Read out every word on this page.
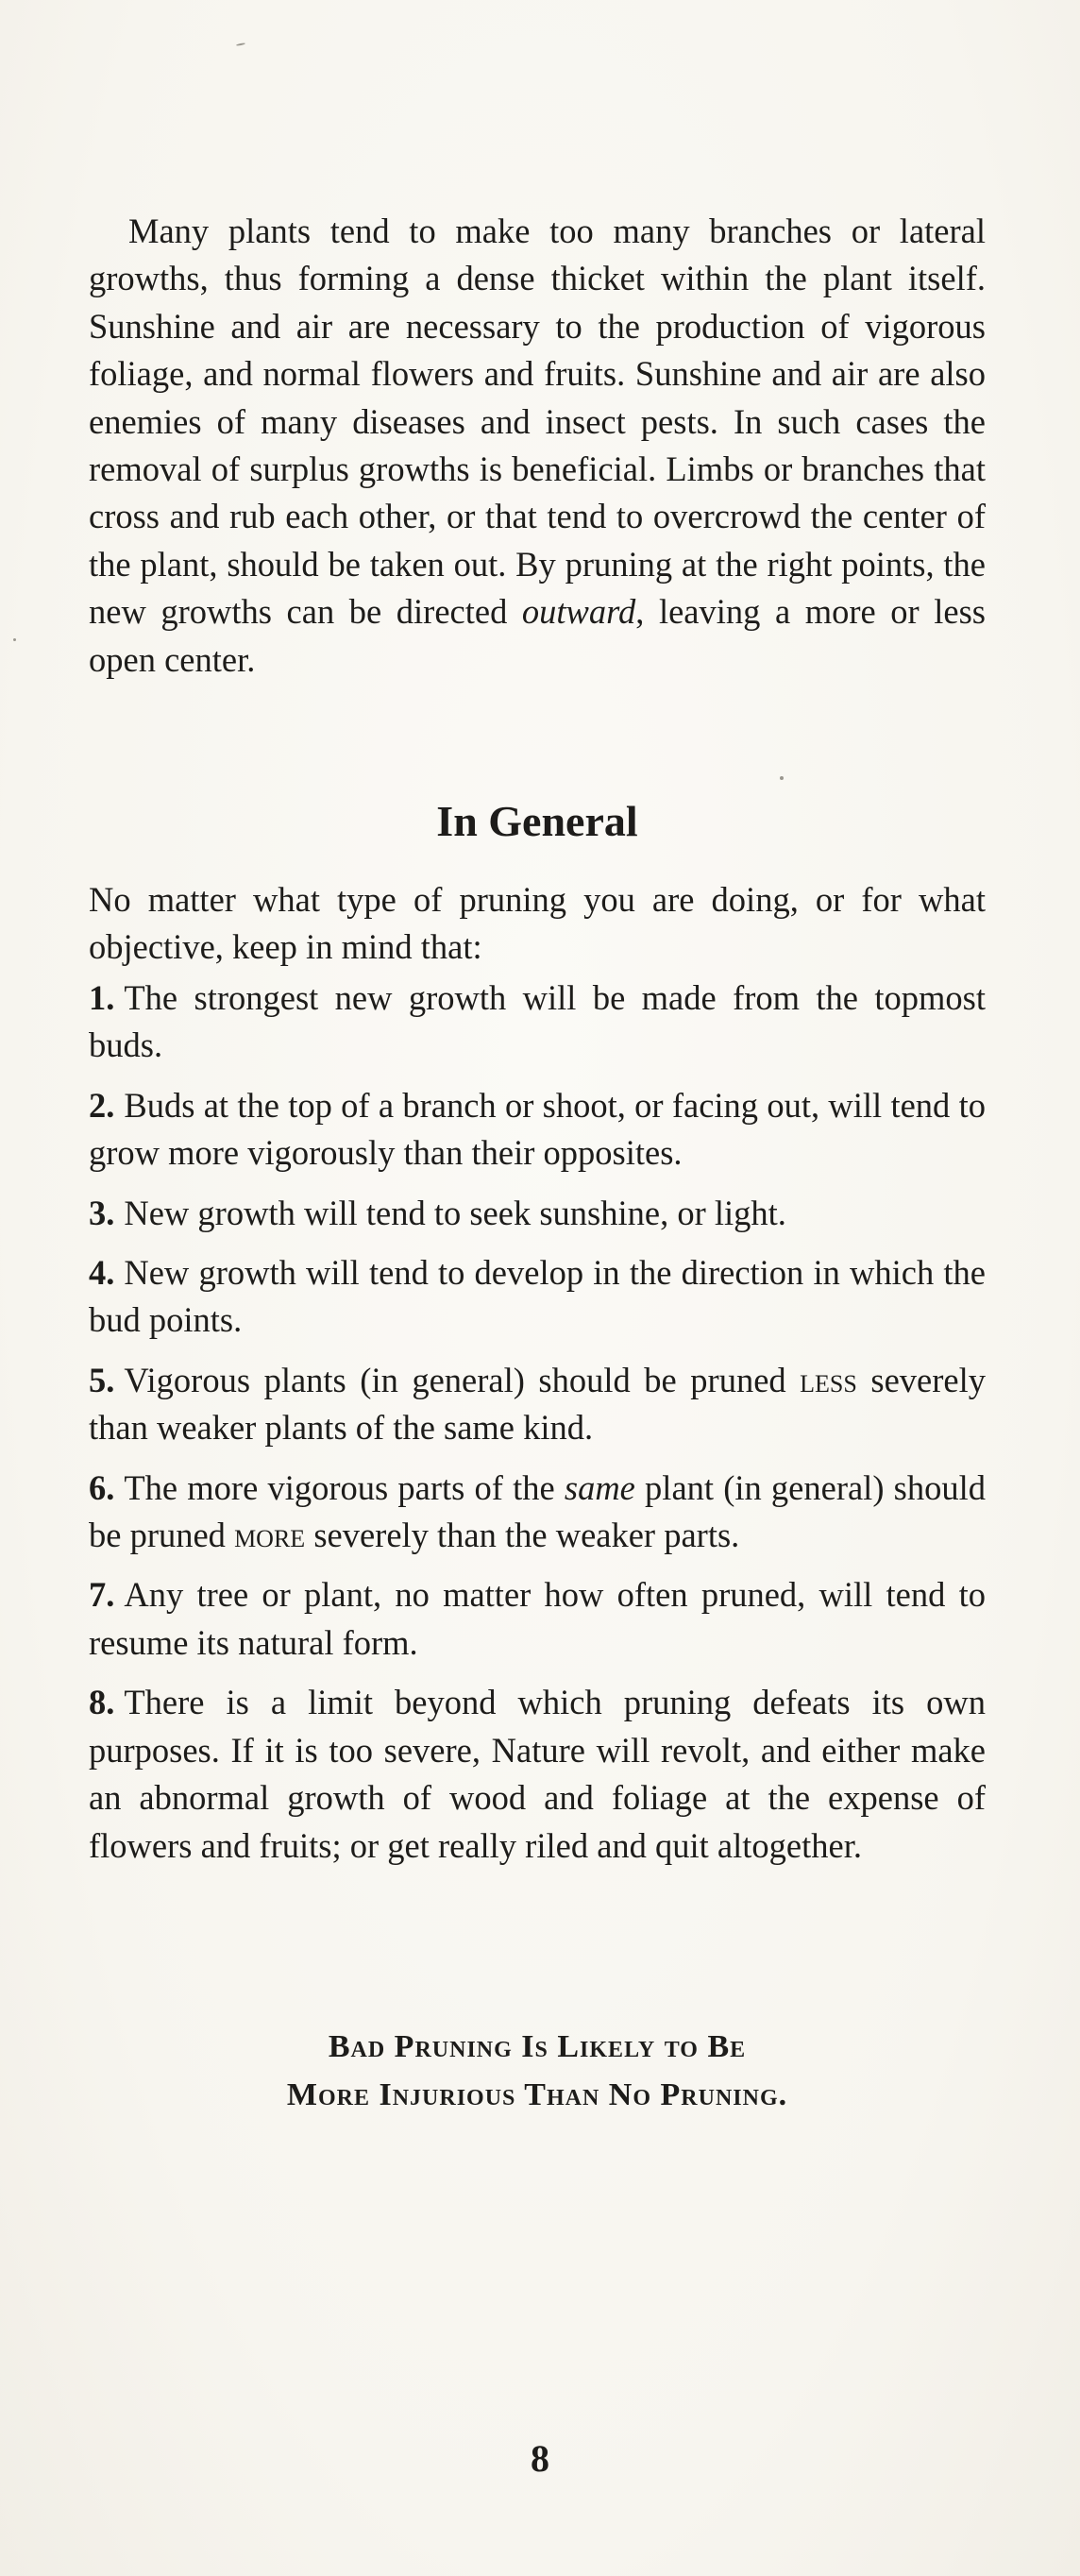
Many plants tend to make too many branches or lateral growths, thus forming a dense thicket within the plant itself. Sunshine and air are necessary to the production of vigorous foliage, and normal flowers and fruits. Sunshine and air are also enemies of many diseases and insect pests. In such cases the removal of surplus growths is beneficial. Limbs or branches that cross and rub each other, or that tend to overcrowd the center of the plant, should be taken out. By pruning at the right points, the new growths can be directed outward, leaving a more or less open center.

In General

No matter what type of pruning you are doing, or for what objective, keep in mind that:

1. The strongest new growth will be made from the topmost buds.
2. Buds at the top of a branch or shoot, or facing out, will tend to grow more vigorously than their opposites.
3. New growth will tend to seek sunshine, or light.
4. New growth will tend to develop in the direction in which the bud points.
5. Vigorous plants (in general) should be pruned less severely than weaker plants of the same kind.
6. The more vigorous parts of the same plant (in general) should be pruned more severely than the weaker parts.
7. Any tree or plant, no matter how often pruned, will tend to resume its natural form.
8. There is a limit beyond which pruning defeats its own purposes. If it is too severe, Nature will revolt, and either make an abnormal growth of wood and foliage at the expense of flowers and fruits; or get really riled and quit altogether.

Bad Pruning Is Likely to Be
More Injurious Than No Pruning.

8
